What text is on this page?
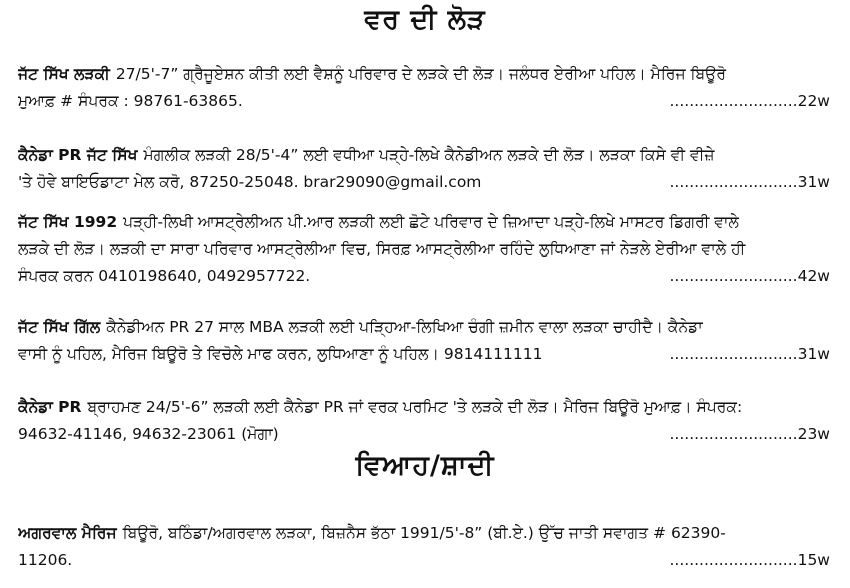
ਵਰ ਦੀ ਲੋੜ
ਜੱਟ ਸਿੱਖ ਲੜਕੀ 27/5'-7” ਗ੍ਰੈਜੂਏਸ਼ਨ ਕੀਤੀ ਲਈ ਵੈਸ਼ਨੂੰ ਪਰਿਵਾਰ ਦੇ ਲੜਕੇ ਦੀ ਲੋੜ। ਜਲੰਧਰ ਏਰੀਆ ਪਹਿਲ। ਮੈਰਿਜ ਬਿਊਰੋ
ਮੁਆਫ਼ # ਸੰਪਰਕ : 98761-63865.	..........................22w
ਕੈਨੇਡਾ PR ਜੱਟ ਸਿੱਖ ਮੰਗਲੀਕ ਲੜਕੀ 28/5'-4” ਲਈ ਵਧੀਆ ਪੜ੍ਹੇ-ਲਿਖੇ ਕੈਨੇਡੀਅਨ ਲੜਕੇ ਦੀ ਲੋੜ। ਲੜਕਾ ਕਿਸੇ ਵੀ ਵੀਜ਼ੇ
'ਤੇ ਹੋਵੇ ਬਾਇਓਡਾਟਾ ਮੇਲ ਕਰੋ, 87250-25048. brar29090@gmail.com	..........................31w
ਜੱਟ ਸਿੱਖ 1992 ਪੜ੍ਹੀ-ਲਿਖੀ ਆਸਟ੍ਰੇਲੀਅਨ ਪੀ.ਆਰ ਲੜਕੀ ਲਈ ਛੋਟੇ ਪਰਿਵਾਰ ਦੇ ਜ਼ਿਆਦਾ ਪੜ੍ਹੇ-ਲਿਖੇ ਮਾਸਟਰ ਡਿਗਰੀ ਵਾਲੇ
ਲੜਕੇ ਦੀ ਲੋੜ। ਲੜਕੀ ਦਾ ਸਾਰਾ ਪਰਿਵਾਰ ਆਸਟ੍ਰੇਲੀਆ ਵਿਚ, ਸਿਰਫ਼ ਆਸਟ੍ਰੇਲੀਆ ਰਹਿੰਦੇ ਲੁਧਿਆਣਾ ਜਾਂ ਨੇੜਲੇ ਏਰੀਆ ਵਾਲੇ ਹੀ
ਸੰਪਰਕ ਕਰਨ 0410198640, 0492957722.	..........................42w
ਜੱਟ ਸਿੱਖ ਗਿੱਲ ਕੈਨੇਡੀਅਨ PR 27 ਸਾਲ MBA ਲੜਕੀ ਲਈ ਪੜ੍ਹਿਆ-ਲਿਖਿਆ ਚੰਗੀ ਜ਼ਮੀਨ ਵਾਲਾ ਲੜਕਾ ਚਾਹੀਦੈ। ਕੈਨੇਡਾ
ਵਾਸੀ ਨੂੰ ਪਹਿਲ, ਮੈਰਿਜ ਬਿਊਰੋ ਤੇ ਵਿਚੋਲੇ ਮਾਫ ਕਰਨ, ਲੁਧਿਆਣਾ ਨੂੰ ਪਹਿਲ। 9814111111	..........................31w
ਕੈਨੇਡਾ PR ਬ੍ਰਾਹਮਣ 24/5'-6” ਲੜਕੀ ਲਈ ਕੈਨੇਡਾ PR ਜਾਂ ਵਰਕ ਪਰਮਿਟ 'ਤੇ ਲੜਕੇ ਦੀ ਲੋੜ। ਮੈਰਿਜ ਬਿਊਰੋ ਮੁਆਫ਼। ਸੰਪਰਕ:
94632-41146, 94632-23061 (ਮੋਗਾ)	..........................23w
ਵਿਆਹ/ਸ਼ਾਦੀ
ਅਗਰਵਾਲ ਮੈਰਿਜ ਬਿਊਰੋ, ਬਠਿੰਡਾ/ਅਗਰਵਾਲ ਲੜਕਾ, ਬਿਜ਼ਨੈਸ ਭੱਠਾ 1991/5'-8” (ਬੀ.ਏ.) ਉੱਚ ਜਾਤੀ ਸਵਾਗਤ # 62390-
11206.	..........................15w
